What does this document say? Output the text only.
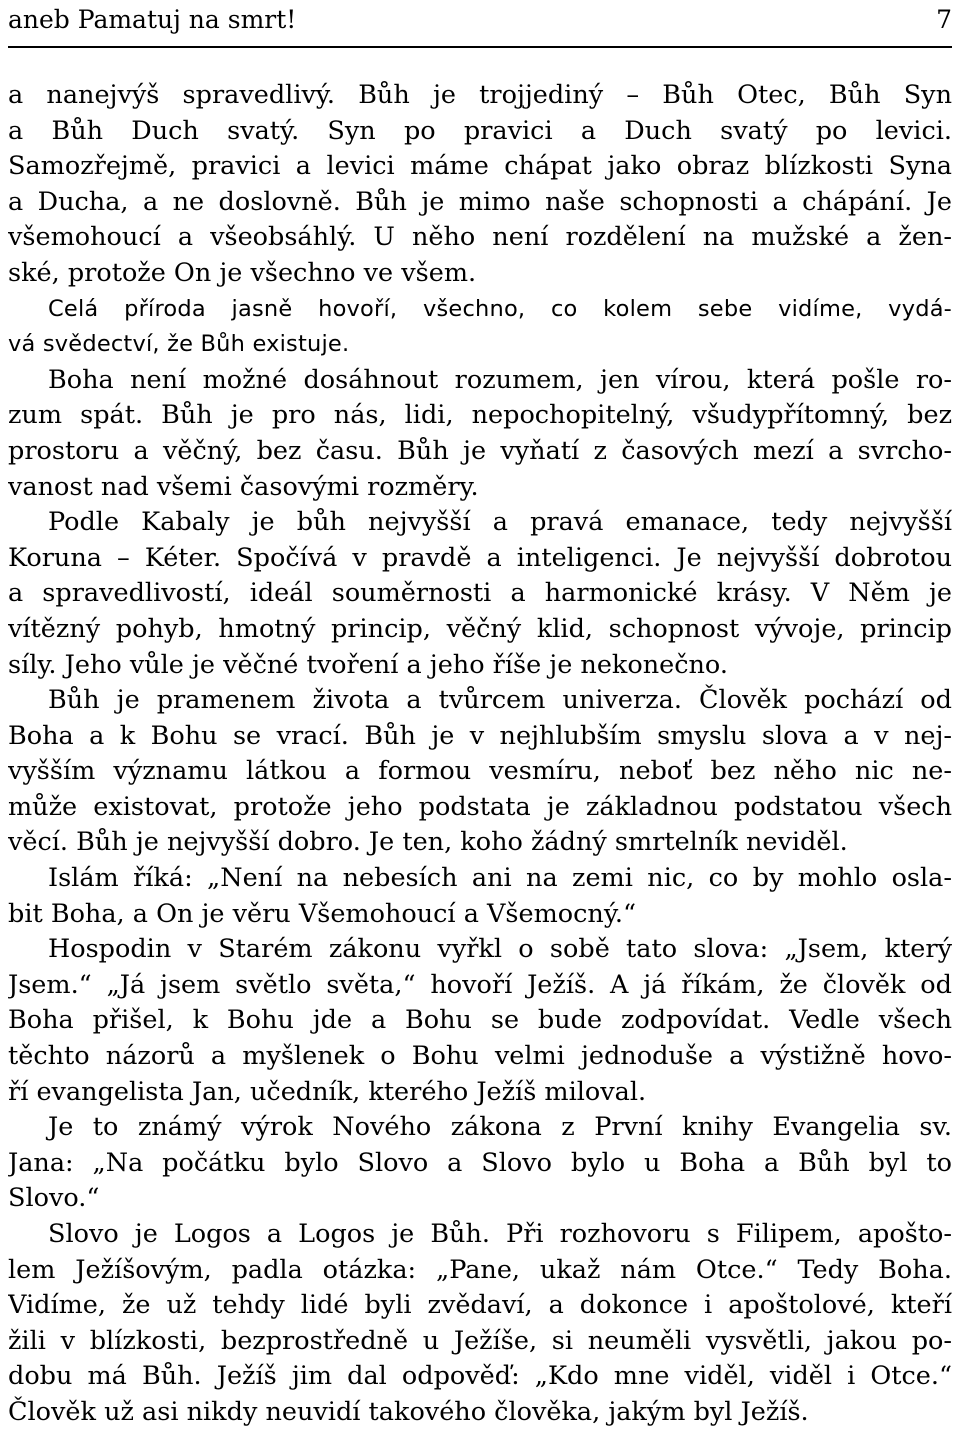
aneb Pamatuj na smrt!	7
a nanejvýš spravedlivý. Bůh je trojjediný – Bůh Otec, Bůh Syn
a Bůh Duch svatý. Syn po pravici a Duch svatý po levici.
Samozřejmě, pravici a levici máme chápat jako obraz blízkosti Syna
a Ducha, a ne doslovně. Bůh je mimo naše schopnosti a chápání. Je
všemohoucí a všeobsáhlý. U něho není rozdělení na mužské a žen-
ské, protože On je všechno ve všem.
Celá příroda jasně hovoří, všechno, co kolem sebe vidíme, vydá-
vá svědectví, že Bůh existuje.
Boha není možné dosáhnout rozumem, jen vírou, která pošle ro-
zum spát. Bůh je pro nás, lidi, nepochopitelný, všudypřítomný, bez
prostoru a věčný, bez času. Bůh je vyňatí z časových mezí a svrcho-
vanost nad všemi časovými rozměry.
Podle Kabaly je bůh nejvyšší a pravá emanace, tedy nejvyšší
Koruna – Kéter. Spočívá v pravdě a inteligenci. Je nejvyšší dobrotou
a spravedlivostí, ideál souměrnosti a harmonické krásy. V Něm je
vítězný pohyb, hmotný princip, věčný klid, schopnost vývoje, princip
síly. Jeho vůle je věčné tvoření a jeho říše je nekonečno.
Bůh je pramenem života a tvůrcem univerza. Člověk pochází od
Boha a k Bohu se vrací. Bůh je v nejhlubším smyslu slova a v nej-
vyšším významu látkou a formou vesmíru, neboť bez něho nic ne-
může existovat, protože jeho podstata je základnou podstatou všech
věcí. Bůh je nejvyšší dobro. Je ten, koho žádný smrtelník neviděl.
Islám říká: „Není na nebesích ani na zemi nic, co by mohlo osla-
bit Boha, a On je věru Všemohoucí a Všemocný.“
Hospodin v Starém zákonu vyřkl o sobě tato slova: „Jsem, který
Jsem.“ „Já jsem světlo světa,“ hovoří Ježíš. A já říkám, že člověk od
Boha přišel, k Bohu jde a Bohu se bude zodpovídat. Vedle všech
těchto názorů a myšlenek o Bohu velmi jednoduše a výstižně hovo-
ří evangelista Jan, učedník, kterého Ježíš miloval.
Je to známý výrok Nového zákona z První knihy Evangelia sv.
Jana: „Na počátku bylo Slovo a Slovo bylo u Boha a Bůh byl to
Slovo.“
Slovo je Logos a Logos je Bůh. Při rozhovoru s Filipem, apošto-
lem Ježíšovým, padla otázka: „Pane, ukaž nám Otce.“ Tedy Boha.
Vidíme, že už tehdy lidé byli zvědaví, a dokonce i apoštolové, kteří
žili v blízkosti, bezprostředně u Ježíše, si neuměli vysvětli, jakou po-
dobu má Bůh. Ježíš jim dal odpověď: „Kdo mne viděl, viděl i Otce.“
Člověk už asi nikdy neuvidí takového člověka, jakým byl Ježíš.
